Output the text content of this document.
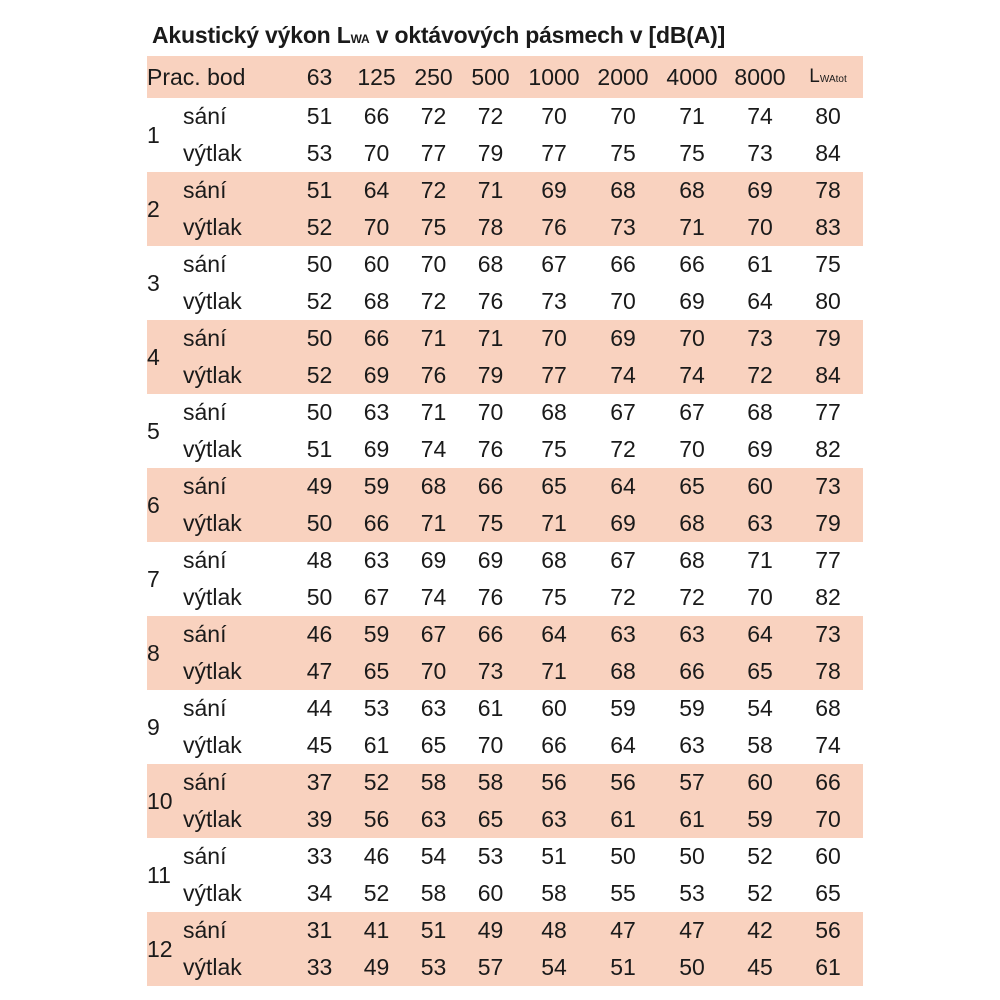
Akustický výkon LWA v oktávových pásmech v [dB(A)]
Prac. bod		63	125	250	500	1000	2000	4000	8000	LWAtot
1	sání	51	66	72	72	70	70	71	74	80
	výtlak	53	70	77	79	77	75	75	73	84
2	sání	51	64	72	71	69	68	68	69	78
	výtlak	52	70	75	78	76	73	71	70	83
3	sání	50	60	70	68	67	66	66	61	75
	výtlak	52	68	72	76	73	70	69	64	80
4	sání	50	66	71	71	70	69	70	73	79
	výtlak	52	69	76	79	77	74	74	72	84
5	sání	50	63	71	70	68	67	67	68	77
	výtlak	51	69	74	76	75	72	70	69	82
6	sání	49	59	68	66	65	64	65	60	73
	výtlak	50	66	71	75	71	69	68	63	79
7	sání	48	63	69	69	68	67	68	71	77
	výtlak	50	67	74	76	75	72	72	70	82
8	sání	46	59	67	66	64	63	63	64	73
	výtlak	47	65	70	73	71	68	66	65	78
9	sání	44	53	63	61	60	59	59	54	68
	výtlak	45	61	65	70	66	64	63	58	74
10	sání	37	52	58	58	56	56	57	60	66
	výtlak	39	56	63	65	63	61	61	59	70
11	sání	33	46	54	53	51	50	50	52	60
	výtlak	34	52	58	60	58	55	53	52	65
12	sání	31	41	51	49	48	47	47	42	56
	výtlak	33	49	53	57	54	51	50	45	61
